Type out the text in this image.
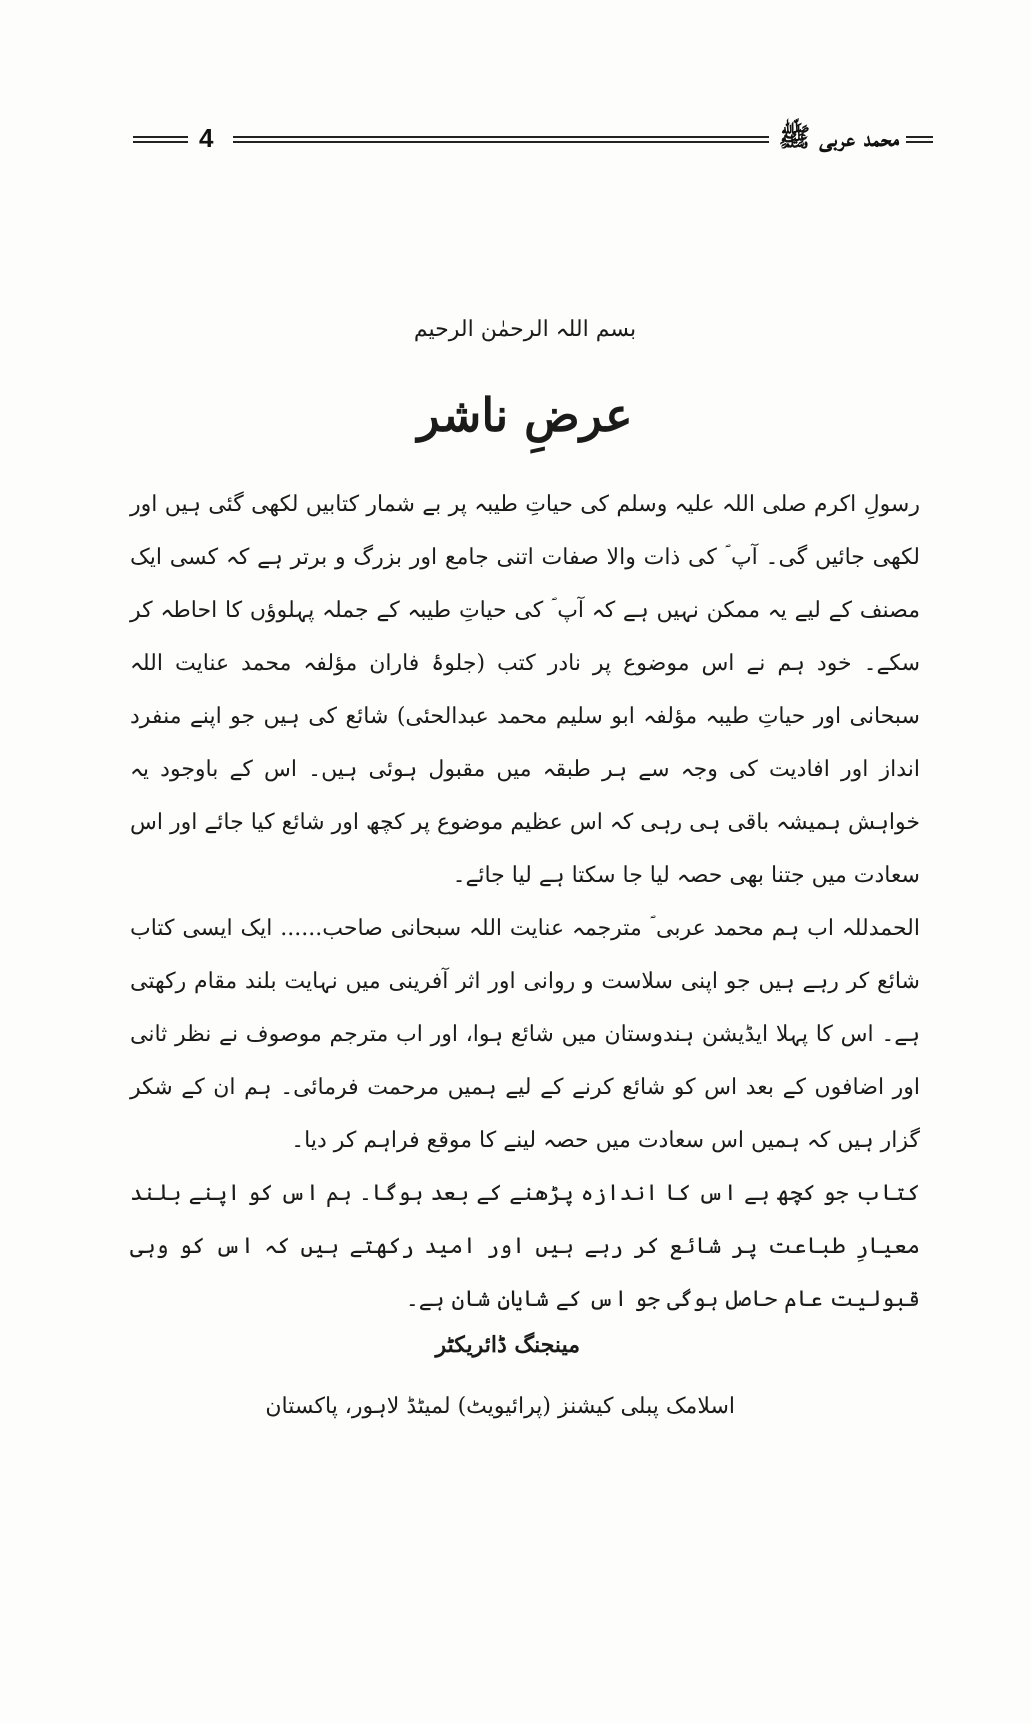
4	محمد عربی ﷺ

بسم اللہ الرحمٰن الرحیم

عرضِ ناشر

رسولِ اکرم صلی اللہ علیہ وسلم کی حیاتِ طیبہ پر بے شمار کتابیں لکھی گئی ہیں اور لکھی جائیں گی۔ آپ ؐ کی ذات والا صفات اتنی جامع اور بزرگ و برتر ہے کہ کسی ایک مصنف کے لیے یہ ممکن نہیں ہے کہ آپ ؐ کی حیاتِ طیبہ کے جملہ پہلوؤں کا احاطہ کر سکے۔ خود ہم نے اس موضوع پر نادر کتب (جلوۂ فاران مؤلفہ محمد عنایت اللہ سبحانی اور حیاتِ طیبہ مؤلفہ ابو سلیم محمد عبدالحئی) شائع کی ہیں جو اپنے منفرد انداز اور افادیت کی وجہ سے ہر طبقہ میں مقبول ہوئی ہیں۔ اس کے باوجود یہ خواہش ہمیشہ باقی ہی رہی کہ اس عظیم موضوع پر کچھ اور شائع کیا جائے اور اس سعادت میں جتنا بھی حصہ لیا جا سکتا ہے لیا جائے۔

الحمدللہ اب ہم محمد عربی ؐ مترجمہ عنایت اللہ سبحانی صاحب...... ایک ایسی کتاب شائع کر رہے ہیں جو اپنی سلاست و روانی اور اثر آفرینی میں نہایت بلند مقام رکھتی ہے۔ اس کا پہلا ایڈیشن ہندوستان میں شائع ہوا، اور اب مترجم موصوف نے نظر ثانی اور اضافوں کے بعد اس کو شائع کرنے کے لیے ہمیں مرحمت فرمائی۔ ہم ان کے شکر گزار ہیں کہ ہمیں اس سعادت میں حصہ لینے کا موقع فراہم کر دیا۔

کتاب جو کچھ ہے اس کا اندازہ پڑھنے کے بعد ہوگا۔ ہم اس کو اپنے بلند معیارِ طباعت پر شائع کر رہے ہیں اور امید رکھتے ہیں کہ اس کو وہی قبولیت عام حاصل ہوگی جو اس کے شایانِ شان ہے۔

مینجنگ ڈائریکٹر

اسلامک پبلی کیشنز (پرائیویٹ) لمیٹڈ لاہور، پاکستان
